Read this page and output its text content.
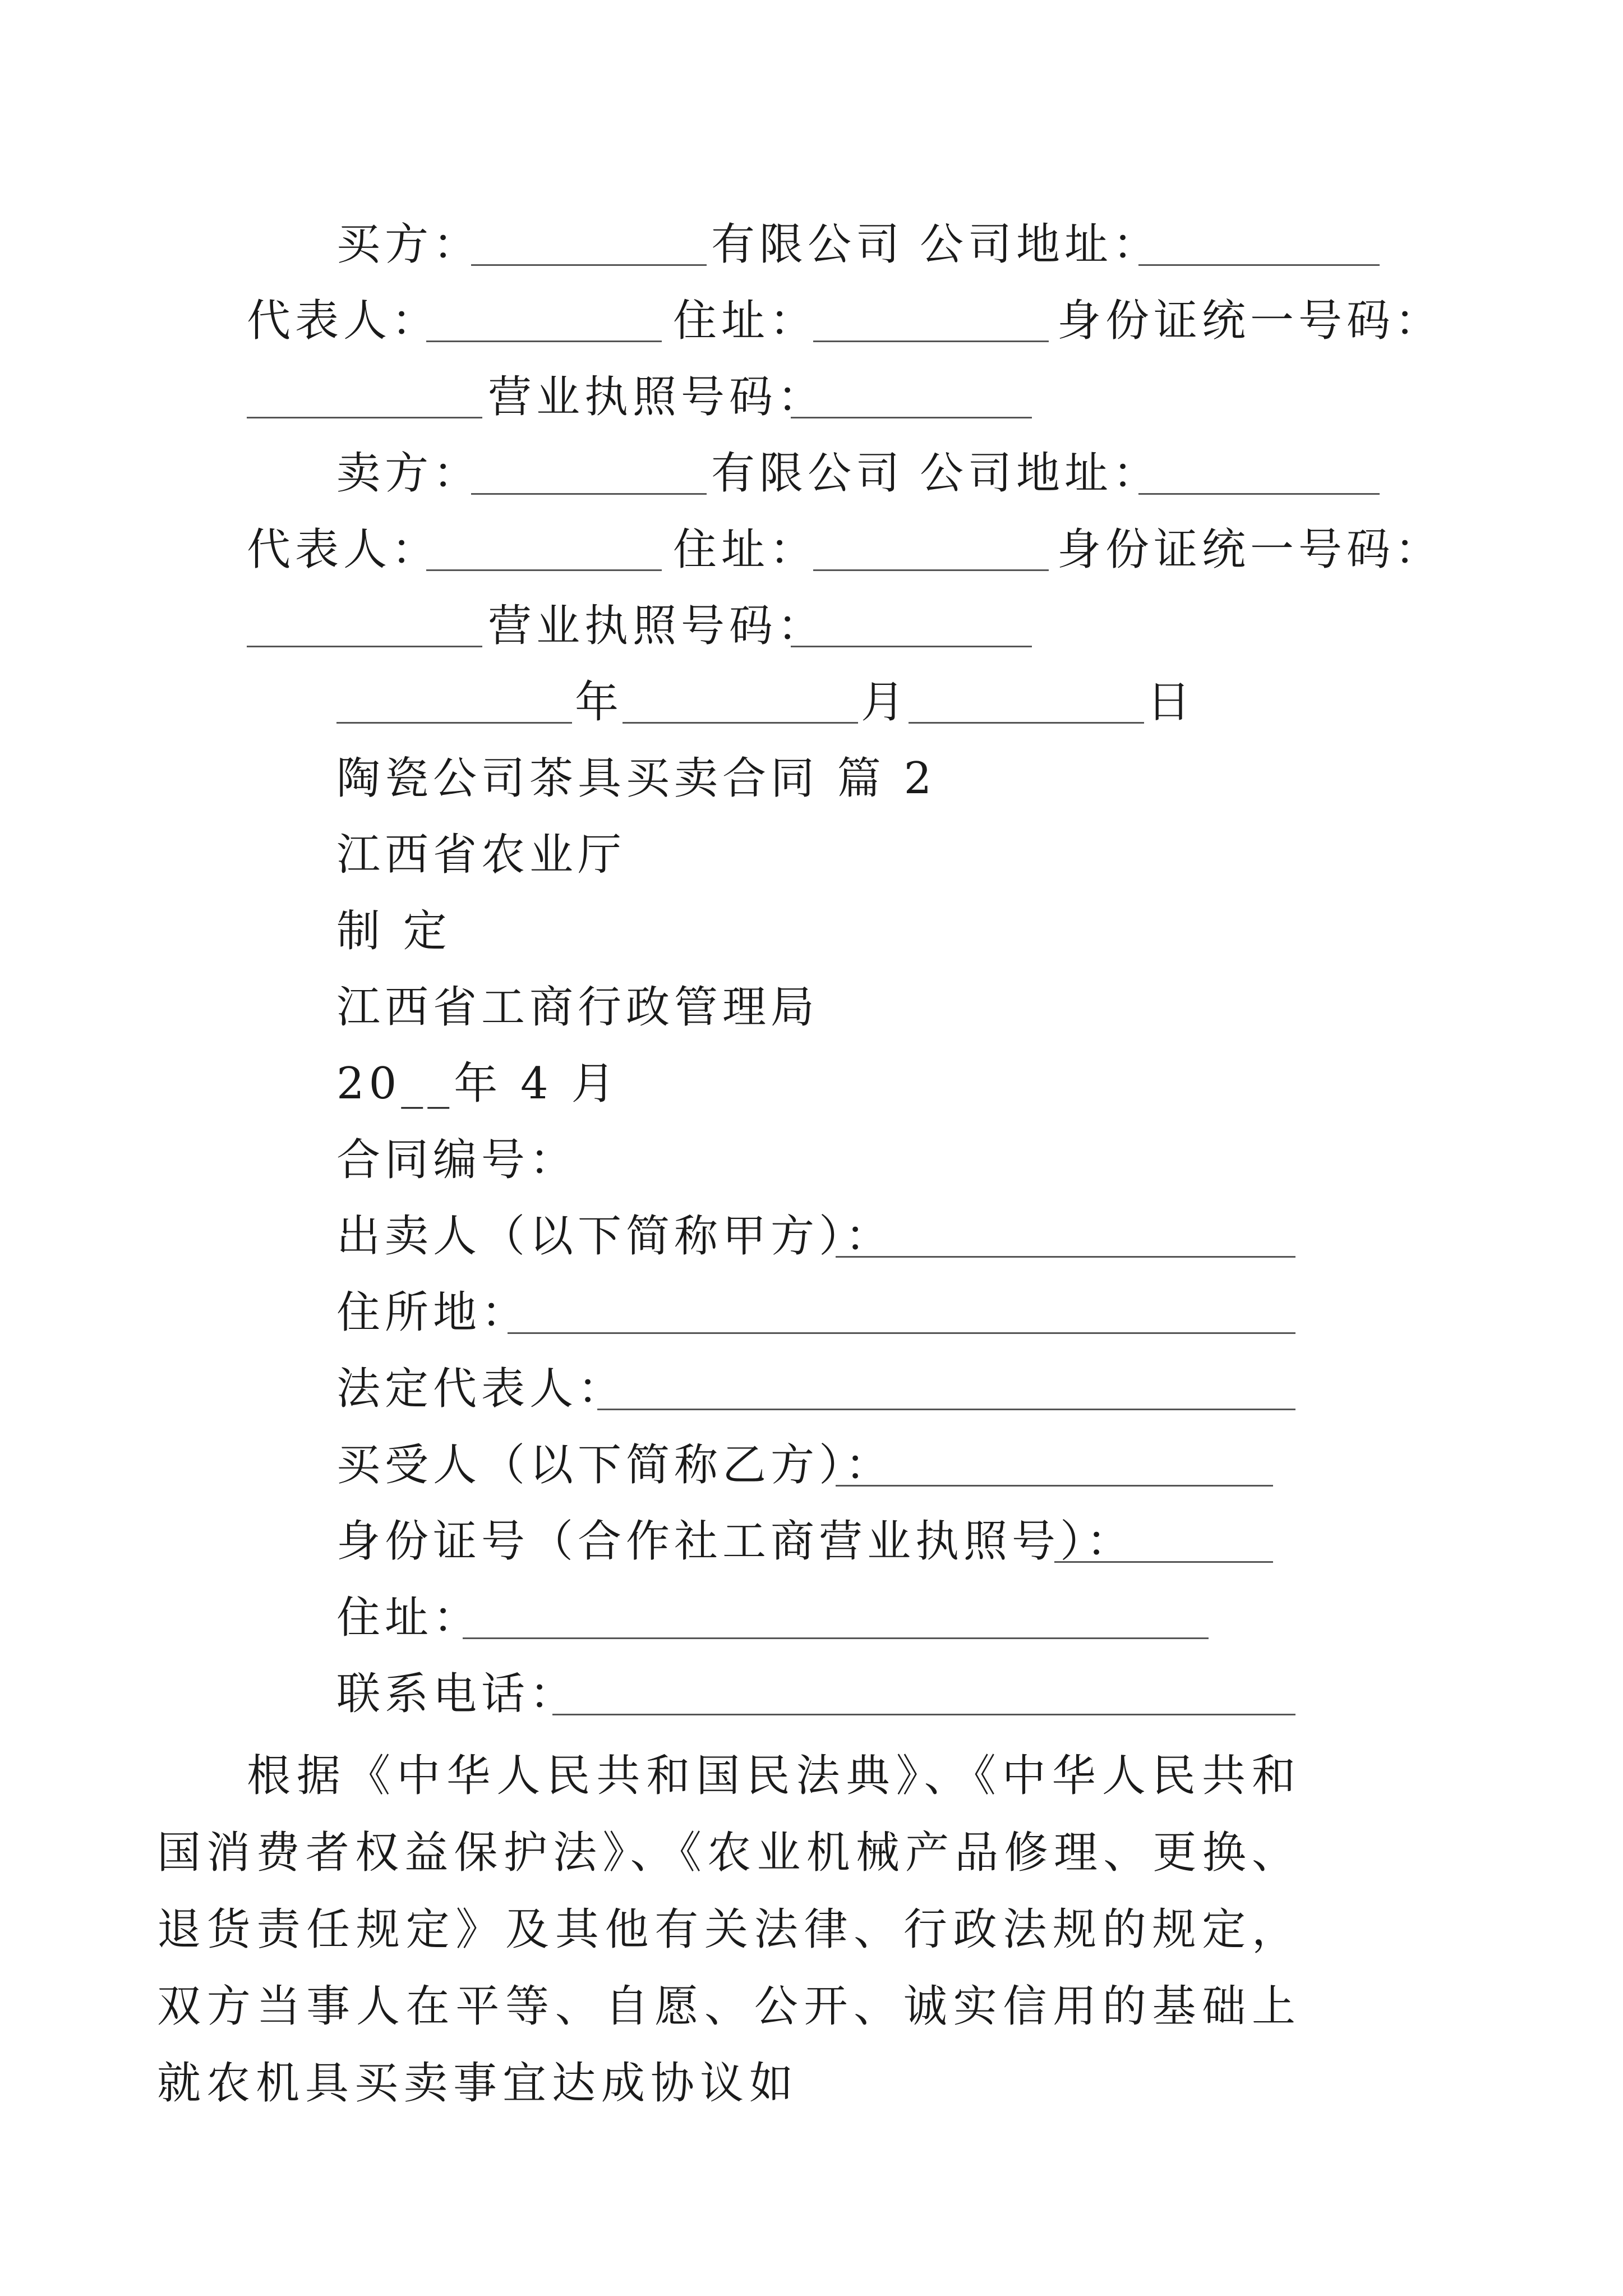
买方：	有限公司 公司地址：
代表人：	住址：	身份证统一号码：
营业执照号码：
卖方：	有限公司 公司地址：
代表人：	住址：	身份证统一号码：
营业执照号码：
年	月	日
陶瓷公司茶具买卖合同 篇 2
江西省农业厅
制 定
江西省工商行政管理局
20__年 4 月
合同编号：
出卖人（以下简称甲方）：
住所地：
法定代表人：
买受人（以下简称乙方）：
身份证号（合作社工商营业执照号）：
住址：
联系电话：
根据《中华人民共和国民法典》、《中华人民共和国消费者权益保护法》、《农业机械产品修理、更换、退货责任规定》及其他有关法律、行政法规的规定，双方当事人在平等、自愿、公开、诚实信用的基础上就农机具买卖事宜达成协议如
